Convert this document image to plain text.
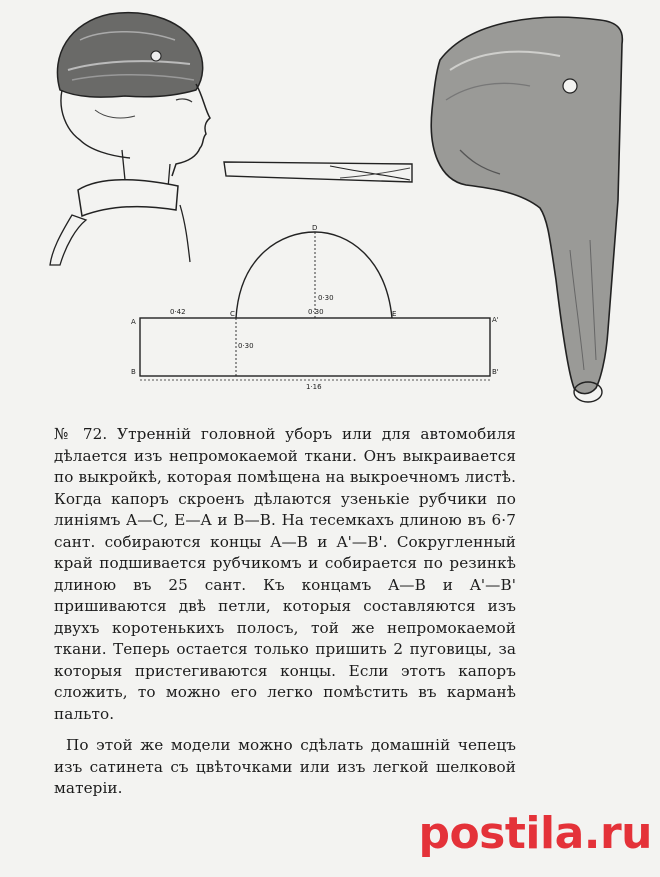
A	A'
B	B'
C
D
E
0·42	0·30
0·30
0·30
1·16

№ 72. Утренній головной уборъ или для автомобиля дѣлается изъ непромокаемой ткани. Онъ выкраивается по выкройкѣ, которая помѣщена на выкроечномъ листѣ. Когда капоръ скроенъ дѣлаются узенькіе рубчики по линіямъ A—C, E—A и B—B. На тесемкахъ длиною въ 6·7 сант. собираются концы A—B и A'—B'. Сокругленный край подшивается рубчикомъ и собирается по резинкѣ длиною въ 25 сант. Къ концамъ A—B и A'—B' пришиваются двѣ петли, которыя составляются изъ двухъ коротенькихъ полосъ, той же непромокаемой ткани. Теперь остается только пришить 2 пуговицы, за которыя пристегиваются концы. Если этотъ капоръ сложить, то можно его легко помѣстить въ карманѣ пальто.

По этой же модели можно сдѣлать домашній чепецъ изъ сатинета съ цвѣточками или изъ легкой шелковой матеріи.

postila.ru
